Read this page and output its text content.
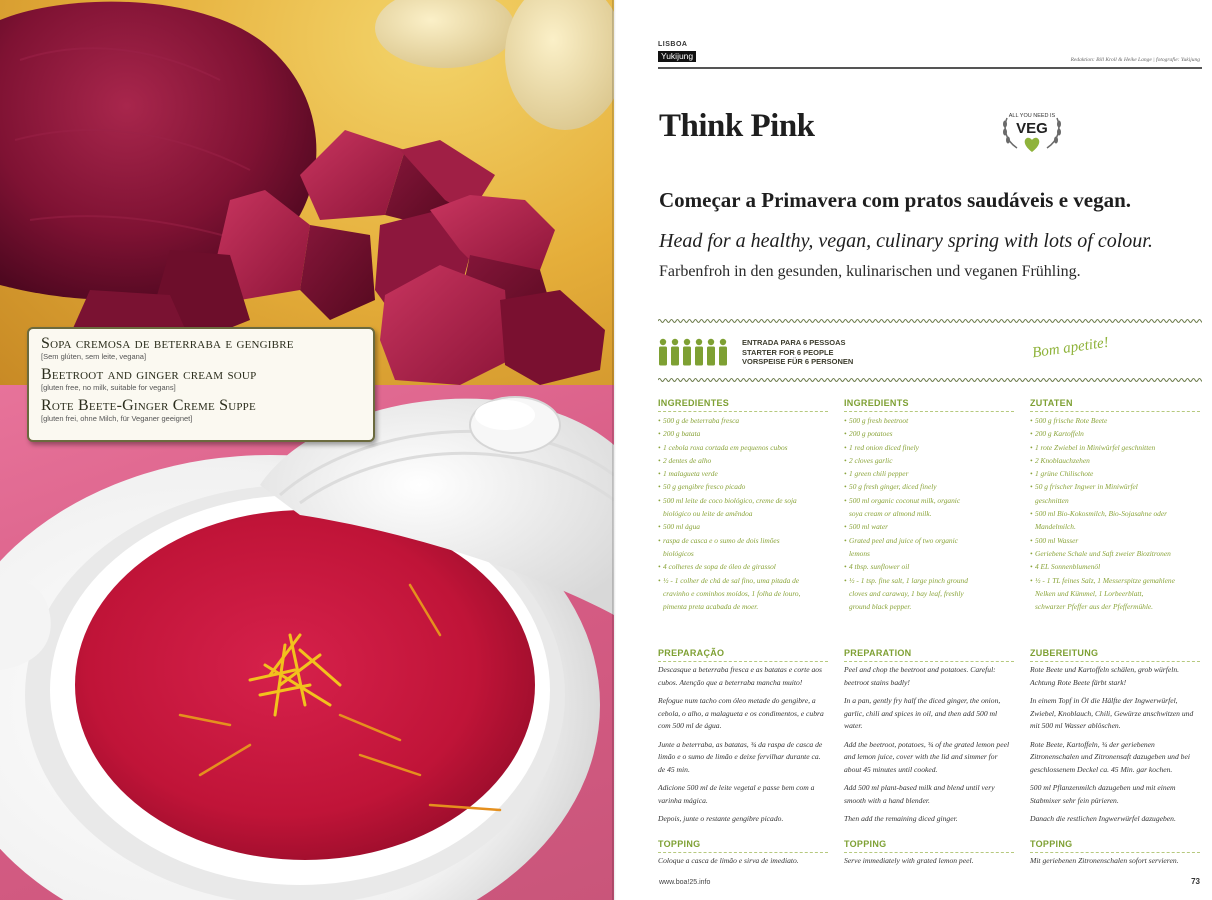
Sopa cremosa de beterraba e gengibre
[Sem glúten, sem leite, vegana]
Beetroot and ginger cream soup
[gluten free, no milk, suitable for vegans]
Rote Beete-Ginger Creme Suppe
[gluten frei, ohne Milch, für Veganer geeignet]
LISBOA
Yukijung	Redaktion: Bill Kroll & Heike Lange | fotografie: Yukijung
Think Pink	ALL YOU NEED IS
VEG
Começar a Primavera com pratos saudáveis e vegan.
Head for a healthy, vegan, culinary spring with lots of colour.
Farbenfroh in den gesunden, kulinarischen und veganen Frühling.
ENTRADA PARA 6 PESSOAS
STARTER FOR 6 PEOPLE
VORSPEISE FÜR 6 PERSONEN
Bom apetite!
INGREDIENTES
• 500 g de beterraba fresca
• 200 g batata
• 1 cebola roxa cortada em pequenos cubos
• 2 dentes de alho
• 1 malagueta verde
• 50 g gengibre fresco picado
• 500 ml leite de coco biológico, creme de soja
biológico ou leite de amêndoa
• 500 ml água
• raspa de casca e o sumo de dois limões
biológicos
• 4 colheres de sopa de óleo de girassol
• ½ - 1 colher de chá de sal fino, uma pitada de
cravinho e cominhos moídos, 1 folha de louro,
pimenta preta acabada de moer.
PREPARAÇÃO

Descasque a beterraba fresca e as batatas e corte aos cubos. Atenção que a beterraba mancha muito!

Refogue num tacho com óleo metade do gengibre, a cebola, o alho, a malagueta e os condimentos, e cubra com 500 ml de água.

Junte a beterraba, as batatas, ¾ da raspa de casca de limão e o sumo de limão e deixe fervilhar durante ca. de 45 min.

Adicione 500 ml de leite vegetal e passe bem com a varinha mágica.

Depois, junte o restante gengibre picado.

TOPPING
Coloque a casca de limão e sirva de imediato.
INGREDIENTS
• 500 g fresh beetroot
• 200 g potatoes
• 1 red onion diced finely
• 2 cloves garlic
• 1 green chili pepper
• 50 g fresh ginger, diced finely
• 500 ml organic coconut milk, organic
soya cream or almond milk.
• 500 ml water
• Grated peel and juice of two organic
lemons
• 4 tbsp. sunflower oil
• ½ - 1 tsp. fine salt, 1 large pinch ground
cloves and caraway, 1 bay leaf, freshly
ground black pepper.
PREPARATION

Peel and chop the beetroot and potatoes. Careful: beetroot stains badly!

In a pan, gently fry half the diced ginger, the onion, garlic, chili and spices in oil, and then add 500 ml water.

Add the beetroot, potatoes, ¾ of the grated lemon peel and lemon juice, cover with the lid and simmer for about 45 minutes until cooked.

Add 500 ml plant-based milk and blend until very smooth with a hand blender.

Then add the remaining diced ginger.

TOPPING
Serve immediately with grated lemon peel.
ZUTATEN
• 500 g frische Rote Beete
• 200 g Kartoffeln
• 1 rote Zwiebel in Miniwürfel geschnitten
• 2 Knoblauchzehen
• 1 grüne Chilischote
• 50 g frischer Ingwer in Miniwürfel
geschnitten
• 500 ml Bio-Kokosmilch, Bio-Sojasahne oder
Mandelmilch.
• 500 ml Wasser
• Geriebene Schale und Saft zweier Biozitronen
• 4 EL Sonnenblumenöl
• ½ - 1 TL feines Salz, 1 Messerspitze gemahlene
Nelken und Kümmel, 1 Lorbeerblatt,
schwarzer Pfeffer aus der Pfeffermühle.
ZUBEREITUNG

Rote Beete und Kartoffeln schälen, grob würfeln. Achtung Rote Beete färbt stark!

In einem Topf in Öl die Hälfte der Ingwerwürfel, Zwiebel, Knoblauch, Chili, Gewürze anschwitzen und mit 500 ml Wasser ablöschen.

Rote Beete, Kartoffeln, ¾ der geriebenen Zitronenschalen und Zitronensaft dazugeben und bei geschlossenem Deckel ca. 45 Min. gar kochen.

500 ml Pflanzenmilch dazugeben und mit einem Stabmixer sehr fein pürieren.

Danach die restlichen Ingwerwürfel dazugeben.

TOPPING
Mit geriebenen Zitronenschalen sofort servieren.
www.boa!25.info	73
